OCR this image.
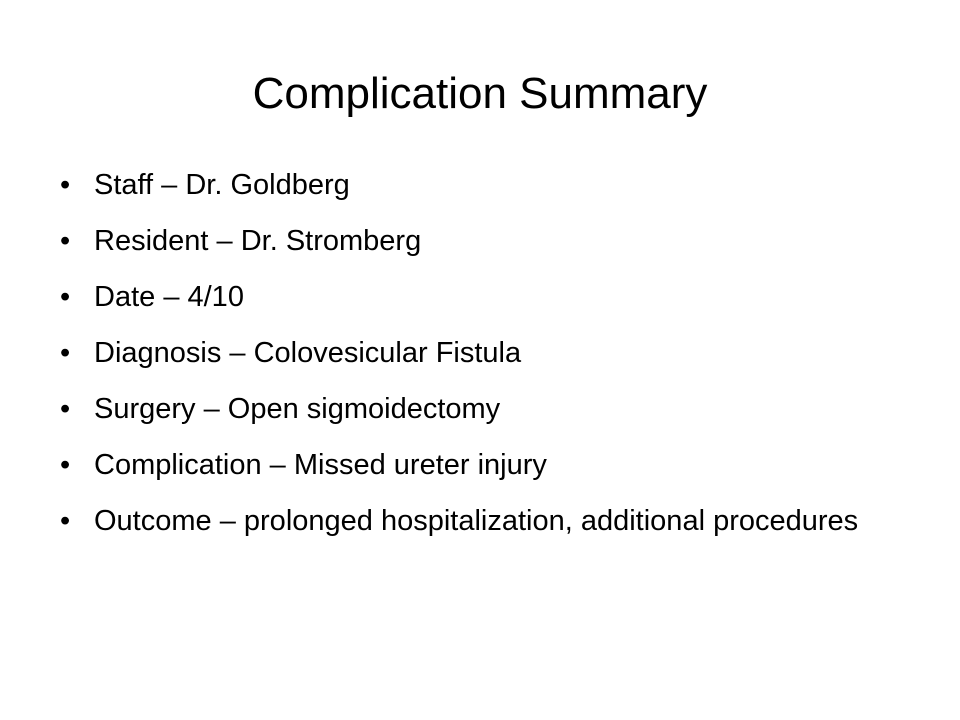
Complication Summary
• Staff – Dr. Goldberg
• Resident – Dr. Stromberg
• Date – 4/10
• Diagnosis – Colovesicular Fistula
• Surgery – Open sigmoidectomy
• Complication – Missed ureter injury
• Outcome – prolonged hospitalization, additional procedures
